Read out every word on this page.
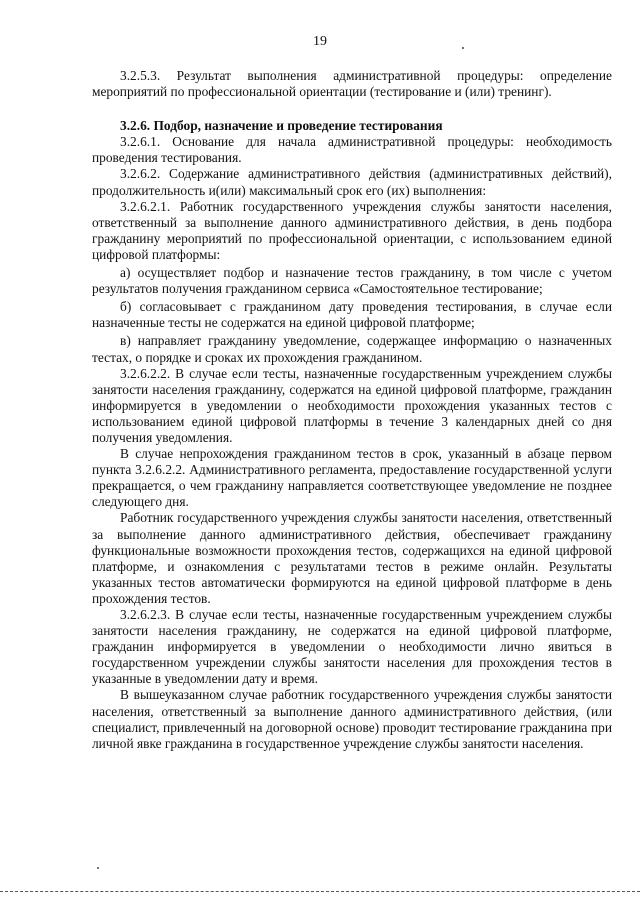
19

3.2.5.3. Результат выполнения административной процедуры: определение мероприятий по профессиональной ориентации (тестирование и (или) тренинг).

3.2.6. Подбор, назначение и проведение тестирования

3.2.6.1. Основание для начала административной процедуры: необходимость проведения тестирования.

3.2.6.2. Содержание административного действия (административных действий), продолжительность и(или) максимальный срок его (их) выполнения:

3.2.6.2.1. Работник государственного учреждения службы занятости населения, ответственный за выполнение данного административного действия, в день подбора гражданину мероприятий по профессиональной ориентации, с использованием единой цифровой платформы:

а) осуществляет подбор и назначение тестов гражданину, в том числе с учетом результатов получения гражданином сервиса «Самостоятельное тестирование;

б) согласовывает с гражданином дату проведения тестирования, в случае если назначенные тесты не содержатся на единой цифровой платформе;

в) направляет гражданину уведомление, содержащее информацию о назначенных тестах, о порядке и сроках их прохождения гражданином.

3.2.6.2.2. В случае если тесты, назначенные государственным учреждением службы занятости населения гражданину, содержатся на единой цифровой платформе, гражданин информируется в уведомлении о необходимости прохождения указанных тестов с использованием единой цифровой платформы в течение 3 календарных дней со дня получения уведомления.

В случае непрохождения гражданином тестов в срок, указанный в абзаце первом пункта 3.2.6.2.2. Административного регламента, предоставление государственной услуги прекращается, о чем гражданину направляется соответствующее уведомление не позднее следующего дня.

Работник государственного учреждения службы занятости населения, ответственный за выполнение данного административного действия, обеспечивает гражданину функциональные возможности прохождения тестов, содержащихся на единой цифровой платформе, и ознакомления с результатами тестов в режиме онлайн. Результаты указанных тестов автоматически формируются на единой цифровой платформе в день прохождения тестов.

3.2.6.2.3. В случае если тесты, назначенные государственным учреждением службы занятости населения гражданину, не содержатся на единой цифровой платформе, гражданин информируется в уведомлении о необходимости лично явиться в государственном учреждении службы занятости населения для прохождения тестов в указанные в уведомлении дату и время.

В вышеуказанном случае работник государственного учреждения службы занятости населения, ответственный за выполнение данного административного действия, (или специалист, привлеченный на договорной основе) проводит тестирование гражданина при личной явке гражданина в государственное учреждение службы занятости населения.
